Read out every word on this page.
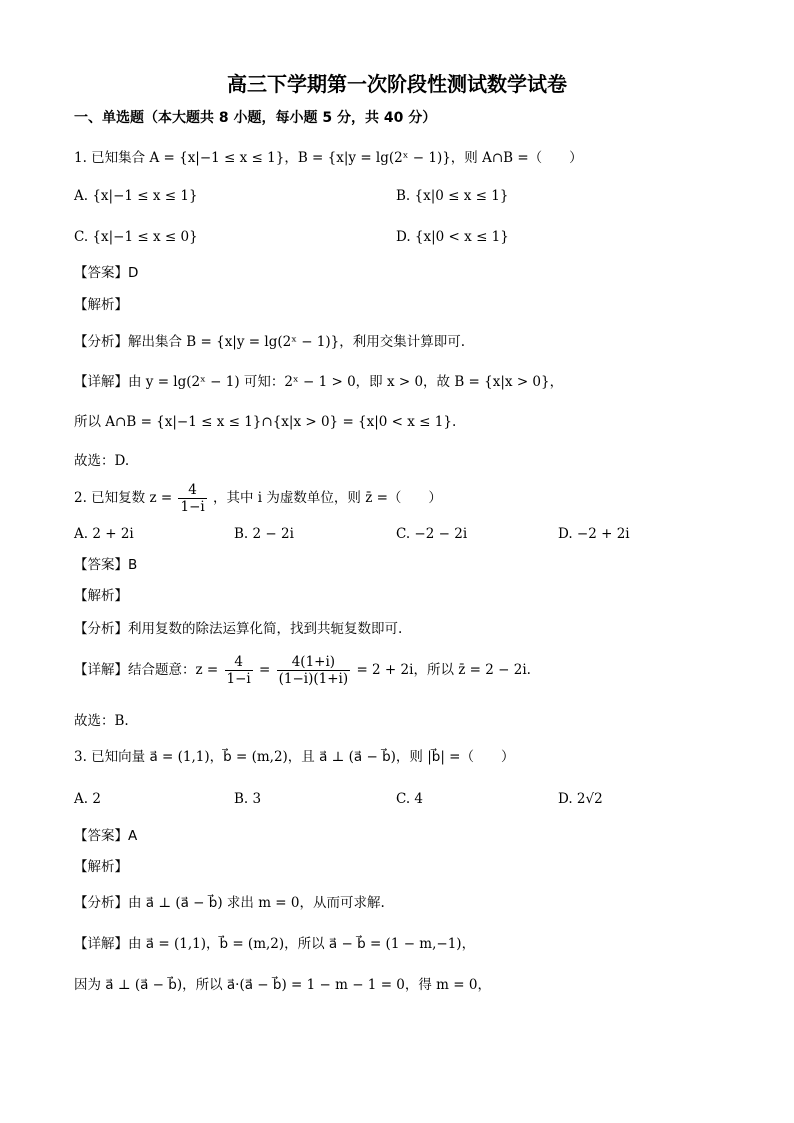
高三下学期第一次阶段性测试数学试卷
一、单选题（本大题共 8 小题，每小题 5 分，共 40 分）
1. 已知集合 A = {x|−1 ≤ x ≤ 1}，B = {x|y = lg(2ˣ − 1)}，则 A∩B =（　　）
A. {x|−1 ≤ x ≤ 1}	B. {x|0 ≤ x ≤ 1}
C. {x|−1 ≤ x ≤ 0}	D. {x|0 < x ≤ 1}
【答案】D
【解析】
【分析】解出集合 B = {x|y = lg(2ˣ − 1)}，利用交集计算即可.
【详解】由 y = lg(2ˣ − 1) 可知：2ˣ − 1 > 0，即 x > 0，故 B = {x|x > 0}，
所以 A∩B = {x|−1 ≤ x ≤ 1}∩{x|x > 0} = {x|0 < x ≤ 1}.
故选：D.
2. 已知复数 $z = \frac{4}{1-i}$ ，其中 i 为虚数单位，则 z̄ =（　　）
A. 2 + 2i	B. 2 − 2i	C. −2 − 2i	D. −2 + 2i
【答案】B
【解析】
【分析】利用复数的除法运算化简，找到共轭复数即可.
【详解】结合题意：$z = \frac{4}{1-i} = \frac{4(1+i)}{(1-i)(1+i)} = 2 + 2i$，所以 z̄ = 2 − 2i.
故选：B.
3. 已知向量 a⃗ = (1,1)，b⃗ = (m,2)，且 a⃗ ⊥ (a⃗ − b⃗)，则 |b⃗| =（　　）
A. 2	B. 3	C. 4	D. 2√2
【答案】A
【解析】
【分析】由 a⃗ ⊥ (a⃗ − b⃗) 求出 m = 0，从而可求解.
【详解】由 a⃗ = (1,1)，b⃗ = (m,2)，所以 a⃗ − b⃗ = (1 − m,−1)，
因为 a⃗ ⊥ (a⃗ − b⃗)，所以 a⃗·(a⃗ − b⃗) = 1 − m − 1 = 0，得 m = 0，
